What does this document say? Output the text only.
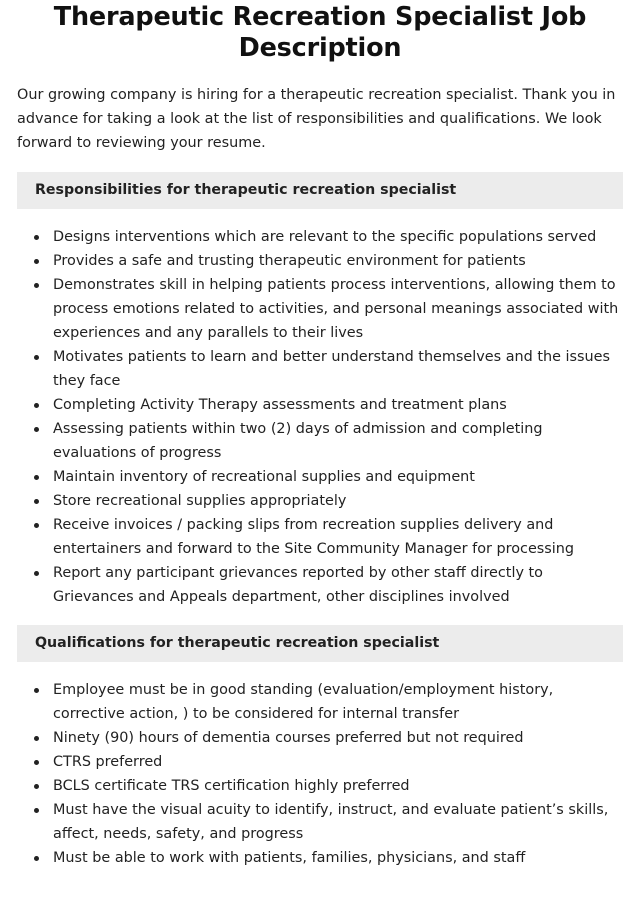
Therapeutic Recreation Specialist Job Description

Our growing company is hiring for a therapeutic recreation specialist. Thank you in advance for taking a look at the list of responsibilities and qualifications. We look forward to reviewing your resume.

Responsibilities for therapeutic recreation specialist
Designs interventions which are relevant to the specific populations served
Provides a safe and trusting therapeutic environment for patients
Demonstrates skill in helping patients process interventions, allowing them to process emotions related to activities, and personal meanings associated with experiences and any parallels to their lives
Motivates patients to learn and better understand themselves and the issues they face
Completing Activity Therapy assessments and treatment plans
Assessing patients within two (2) days of admission and completing evaluations of progress
Maintain inventory of recreational supplies and equipment
Store recreational supplies appropriately
Receive invoices / packing slips from recreation supplies delivery and entertainers and forward to the Site Community Manager for processing
Report any participant grievances reported by other staff directly to Grievances and Appeals department, other disciplines involved
Qualifications for therapeutic recreation specialist
Employee must be in good standing (evaluation/employment history, corrective action, ) to be considered for internal transfer
Ninety (90) hours of dementia courses preferred but not required
CTRS preferred
BCLS certificate TRS certification highly preferred
Must have the visual acuity to identify, instruct, and evaluate patient’s skills, affect, needs, safety, and progress
Must be able to work with patients, families, physicians, and staff
